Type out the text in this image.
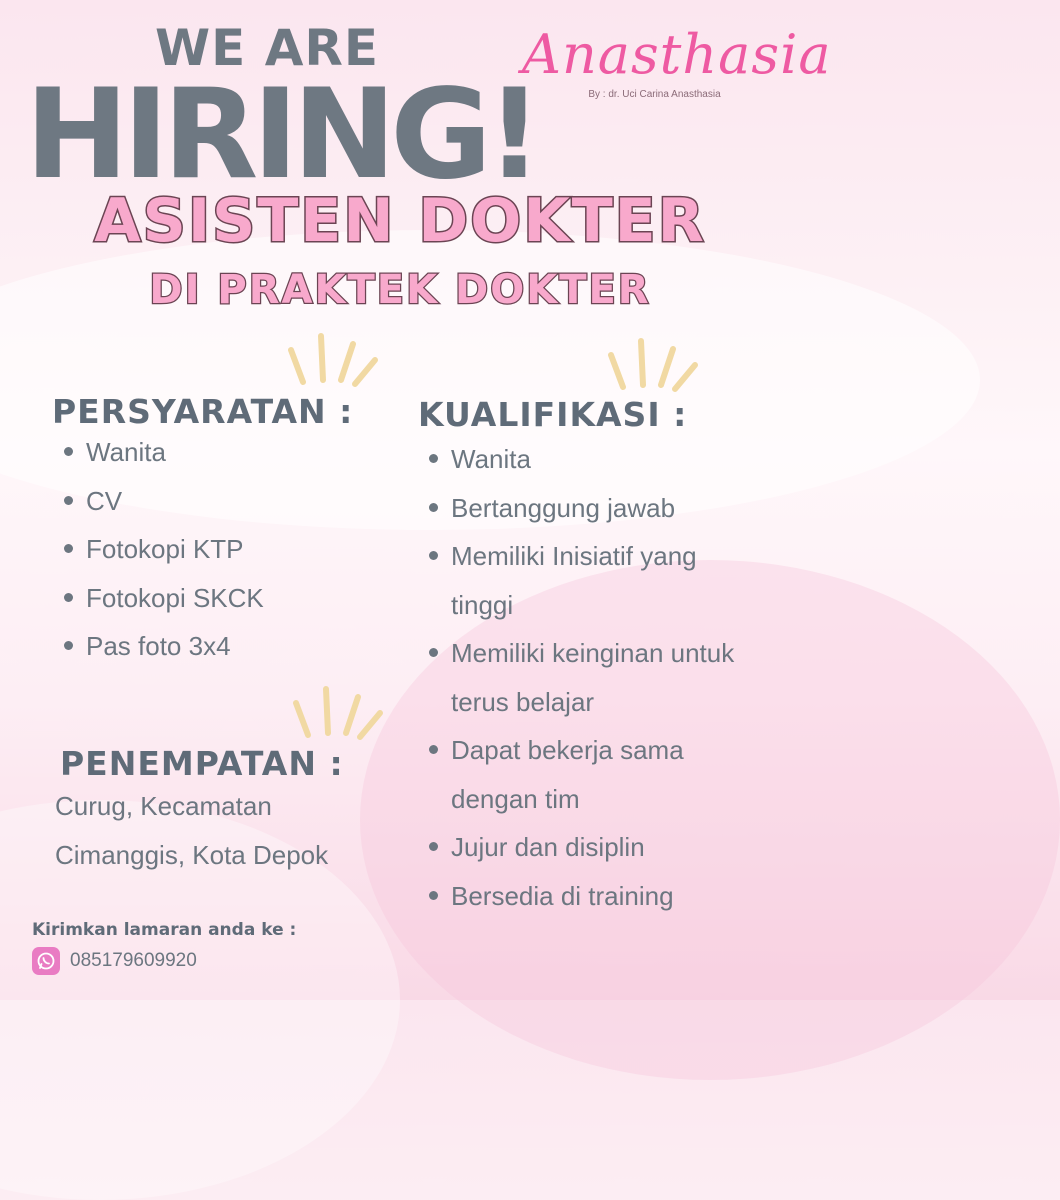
WE ARE
HIRING!
Anasthasia
By : dr. Uci Carina Anasthasia
ASISTEN DOKTER
DI PRAKTEK DOKTER
PERSYARATAN :
Wanita
CV
Fotokopi KTP
Fotokopi SKCK
Pas foto 3x4
KUALIFIKASI :
Wanita
Bertanggung jawab
Memiliki Inisiatif yang tinggi
Memiliki keinginan untuk terus belajar
Dapat bekerja sama dengan tim
Jujur dan disiplin
Bersedia di training
PENEMPATAN :
Curug, Kecamatan
Cimanggis, Kota Depok
Kirimkan lamaran anda ke :
085179609920
